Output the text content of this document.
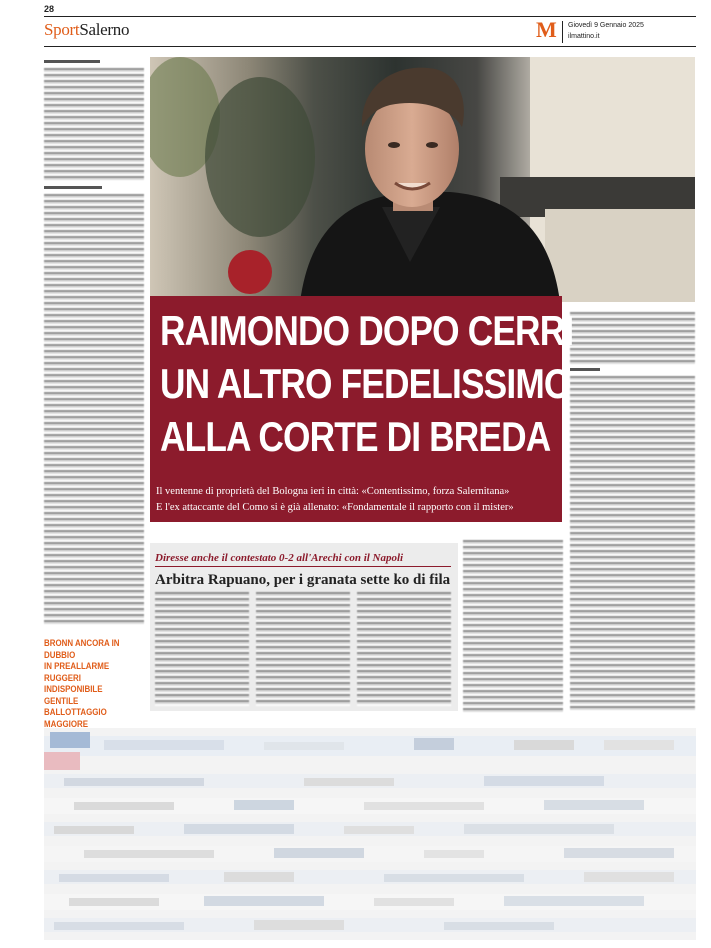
28
SportSalerno	M Giovedì 9 Gennaio 2025
ilmattino.it
RAIMONDO DOPO CERRI
UN ALTRO FEDELISSIMO
ALLA CORTE DI BREDA
Il ventenne di proprietà del Bologna ieri in città: «Contentissimo, forza Salernitana»
E l'ex attaccante del Como si è già allenato: «Fondamentale il rapporto con il mister»
Diresse anche il contestato 0-2 all'Arechi con il Napoli
Arbitra Rapuano, per i granata sette ko di fila
BRONN ANCORA IN DUBBIO
IN PREALLARME RUGGERI
INDISPONIBILE GENTILE
BALLOTTAGGIO MAGGIORE
